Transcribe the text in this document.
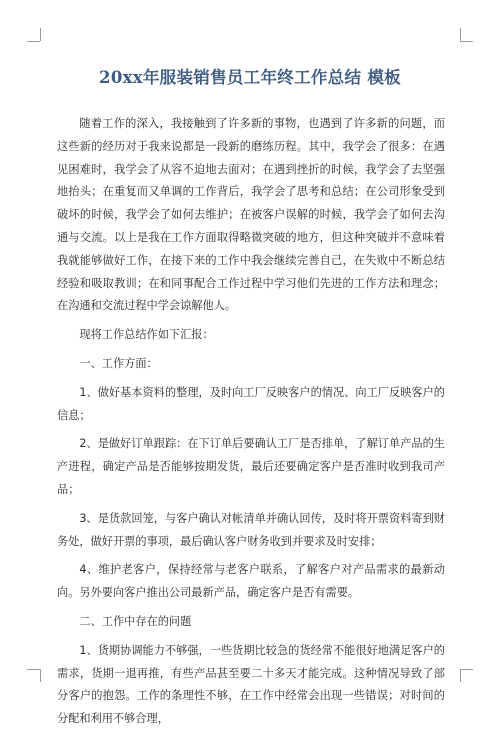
20xx年服装销售员工年终工作总结 模板

随着工作的深入，我接触到了许多新的事物，也遇到了许多新的问题，而这些新的经历对于我来说都是一段新的磨练历程。其中，我学会了很多：在遇见困难时，我学会了从容不迫地去面对；在遇到挫折的时候，我学会了去坚强地抬头；在重复而又单调的工作背后，我学会了思考和总结；在公司形象受到破坏的时候，我学会了如何去维护；在被客户误解的时候，我学会了如何去沟通与交流。以上是我在工作方面取得略微突破的地方，但这种突破并不意味着我就能够做好工作，在接下来的工作中我会继续完善自己，在失败中不断总结经验和吸取教训；在和同事配合工作过程中学习他们先进的工作方法和理念；在沟通和交流过程中学会谅解他人。

现将工作总结作如下汇报：

一、工作方面：

1、做好基本资料的整理，及时向工厂反映客户的情况、向工厂反映客户的信息；

2、是做好订单跟踪：在下订单后要确认工厂是否排单，了解订单产品的生产进程，确定产品是否能够按期发货，最后还要确定客户是否准时收到我司产品；

3、是货款回笼，与客户确认对帐清单并确认回传，及时将开票资料寄到财务处，做好开票的事项，最后确认客户财务收到并要求及时安排；

4、维护老客户，保持经常与老客户联系，了解客户对产品需求的最新动向。另外要向客户推出公司最新产品，确定客户是否有需要。

二、工作中存在的问题

1、货期协调能力不够强，一些货期比较急的货经常不能很好地满足客户的需求，货期一退再推，有些产品甚至要二十多天才能完成。这种情况导致了部分客户的抱怨。工作的条理性不够，在工作中经常会出现一些错误；对时间的分配和利用不够合理，
